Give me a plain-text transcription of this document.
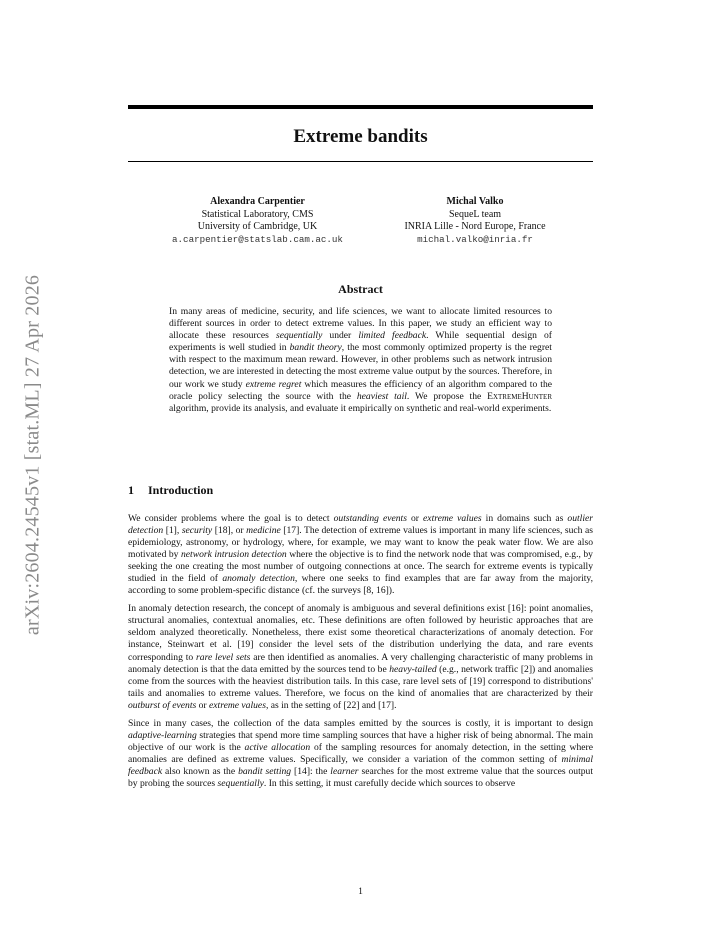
arXiv:2604.24545v1 [stat.ML] 27 Apr 2026
Extreme bandits
Alexandra Carpentier
Statistical Laboratory, CMS
University of Cambridge, UK
a.carpentier@statslab.cam.ac.uk
Michal Valko
SequeL team
INRIA Lille - Nord Europe, France
michal.valko@inria.fr
Abstract
In many areas of medicine, security, and life sciences, we want to allocate limited resources to different sources in order to detect extreme values. In this paper, we study an efficient way to allocate these resources sequentially under limited feedback. While sequential design of experiments is well studied in bandit theory, the most commonly optimized property is the regret with respect to the maximum mean reward. However, in other problems such as network intrusion detection, we are interested in detecting the most extreme value output by the sources. Therefore, in our work we study extreme regret which measures the efficiency of an algorithm compared to the oracle policy selecting the source with the heaviest tail. We propose the ExtremeHunter algorithm, provide its analysis, and evaluate it empirically on synthetic and real-world experiments.
1 Introduction

We consider problems where the goal is to detect outstanding events or extreme values in domains such as outlier detection [1], security [18], or medicine [17]. The detection of extreme values is important in many life sciences, such as epidemiology, astronomy, or hydrology, where, for example, we may want to know the peak water flow. We are also motivated by network intrusion detection where the objective is to find the network node that was compromised, e.g., by seeking the one creating the most number of outgoing connections at once. The search for extreme events is typically studied in the field of anomaly detection, where one seeks to find examples that are far away from the majority, according to some problem-specific distance (cf. the surveys [8, 16]).

In anomaly detection research, the concept of anomaly is ambiguous and several definitions exist [16]: point anomalies, structural anomalies, contextual anomalies, etc. These definitions are often followed by heuristic approaches that are seldom analyzed theoretically. Nonetheless, there exist some theoretical characterizations of anomaly detection. For instance, Steinwart et al. [19] consider the level sets of the distribution underlying the data, and rare events corresponding to rare level sets are then identified as anomalies. A very challenging characteristic of many problems in anomaly detection is that the data emitted by the sources tend to be heavy-tailed (e.g., network traffic [2]) and anomalies come from the sources with the heaviest distribution tails. In this case, rare level sets of [19] correspond to distributions' tails and anomalies to extreme values. Therefore, we focus on the kind of anomalies that are characterized by their outburst of events or extreme values, as in the setting of [22] and [17].

Since in many cases, the collection of the data samples emitted by the sources is costly, it is important to design adaptive-learning strategies that spend more time sampling sources that have a higher risk of being abnormal. The main objective of our work is the active allocation of the sampling resources for anomaly detection, in the setting where anomalies are defined as extreme values. Specifically, we consider a variation of the common setting of minimal feedback also known as the bandit setting [14]: the learner searches for the most extreme value that the sources output by probing the sources sequentially. In this setting, it must carefully decide which sources to observe

1
